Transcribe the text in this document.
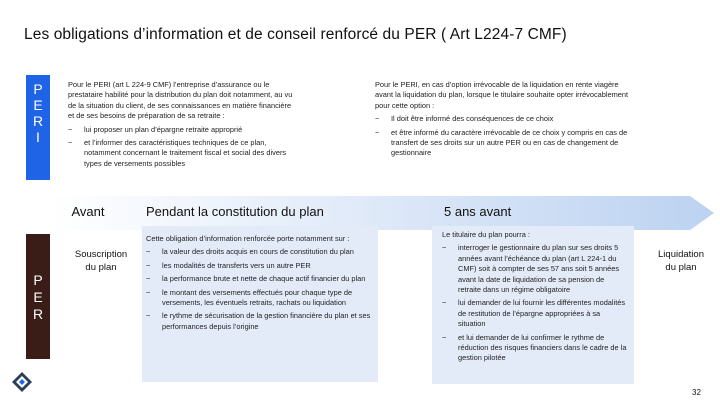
Les obligations d’information et de conseil renforcé du PER ( Art L224-7 CMF)
P
E
R
I

Pour le PERI (art L 224-9 CMF) l’entreprise d’assurance ou le prestataire habilité pour la distribution du plan doit notamment, au vu de la situation du client, de ses connaissances en matière financière et de ses besoins de préparation de sa retraite :

− lui proposer un plan d’épargne retraite approprié
− et l’informer des caractéristiques techniques de ce plan, notamment concernant le traitement fiscal et social des divers types de versements possibles

Pour le PERI, en cas d’option irrévocable de la liquidation en rente viagère avant la liquidation du plan, lorsque le titulaire souhaite opter irrévocablement pour cette option :

− Il doit être informé des conséquences de ce choix
− et être informé du caractère irrévocable de ce choix y compris en cas de transfert de ses droits sur un autre PER ou en cas de changement de gestionnaire
Avant	Pendant la constitution du plan	5 ans avant
P
E
R
Souscription
du plan

Cette obligation d’information renforcée porte notamment sur :

− la valeur des droits acquis en cours de constitution du plan
− les modalités de transferts vers un autre PER
− la performance brute et nette de chaque actif financier du plan
− le montant des versements effectués pour chaque type de versements, les éventuels retraits, rachats ou liquidation
− le rythme de sécurisation de la gestion financière du plan et ses performances depuis l’origine

Le titulaire du plan pourra :

− interroger le gestionnaire du plan sur ses droits 5 années avant l’échéance du plan (art L 224-1 du CMF) soit à compter de ses 57 ans soit 5 années avant la date de liquidation de sa pension de retraite dans un régime obligatoire
− lui demander de lui fournir les différentes modalités de restitution de l’épargne appropriées à sa situation
− et lui demander de lui confirmer le rythme de réduction des risques financiers dans le cadre de la gestion pilotée
Liquidation
du plan
32
